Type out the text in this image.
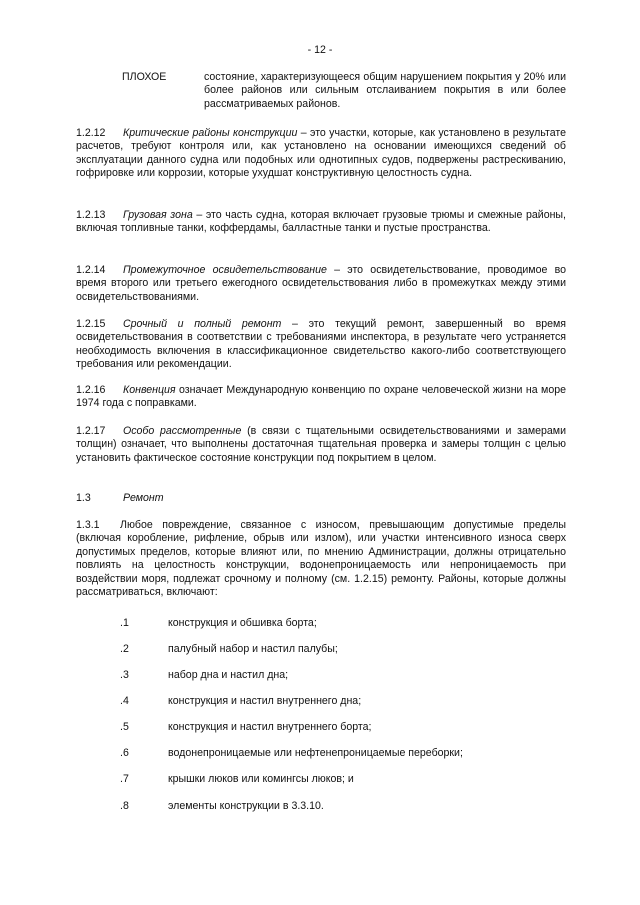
- 12 -
ПЛОХОЕ	состояние, характеризующееся общим нарушением покрытия у 20% или более районов или сильным отслаиванием покрытия в или более рассматриваемых районов.

1.2.12 Критические районы конструкции – это участки, которые, как установлено в результате расчетов, требуют контроля или, как установлено на основании имеющихся сведений об эксплуатации данного судна или подобных или однотипных судов, подвержены растрескиванию, гофрировке или коррозии, которые ухудшат конструктивную целостность судна.

1.2.13 Грузовая зона – это часть судна, которая включает грузовые трюмы и смежные районы, включая топливные танки, коффердамы, балластные танки и пустые пространства.

1.2.14 Промежуточное освидетельствование – это освидетельствование, проводимое во время второго или третьего ежегодного освидетельствования либо в промежутках между этими освидетельствованиями.

1.2.15 Срочный и полный ремонт – это текущий ремонт, завершенный во время освидетельствования в соответствии с требованиями инспектора, в результате чего устраняется необходимость включения в классификационное свидетельство какого-либо соответствующего требования или рекомендации.

1.2.16 Конвенция означает Международную конвенцию по охране человеческой жизни на море 1974 года с поправками.

1.2.17 Особо рассмотренные (в связи с тщательными освидетельствованиями и замерами толщин) означает, что выполнены достаточная тщательная проверка и замеры толщин с целью установить фактическое состояние конструкции под покрытием в целом.

1.3	Ремонт

1.3.1 Любое повреждение, связанное с износом, превышающим допустимые пределы (включая коробление, рифление, обрыв или излом), или участки интенсивного износа сверх допустимых пределов, которые влияют или, по мнению Администрации, должны отрицательно повлиять на целостность конструкции, водонепроницаемость или непроницаемость при воздействии моря, подлежат срочному и полному (см. 1.2.15) ремонту. Районы, которые должны рассматриваться, включают:

.1	конструкция и обшивка борта;
.2	палубный набор и настил палубы;
.3	набор дна и настил дна;
.4	конструкция и настил внутреннего дна;
.5	конструкция и настил внутреннего борта;
.6	водонепроницаемые или нефтенепроницаемые переборки;
.7	крышки люков или комингсы люков; и
.8	элементы конструкции в 3.3.10.
